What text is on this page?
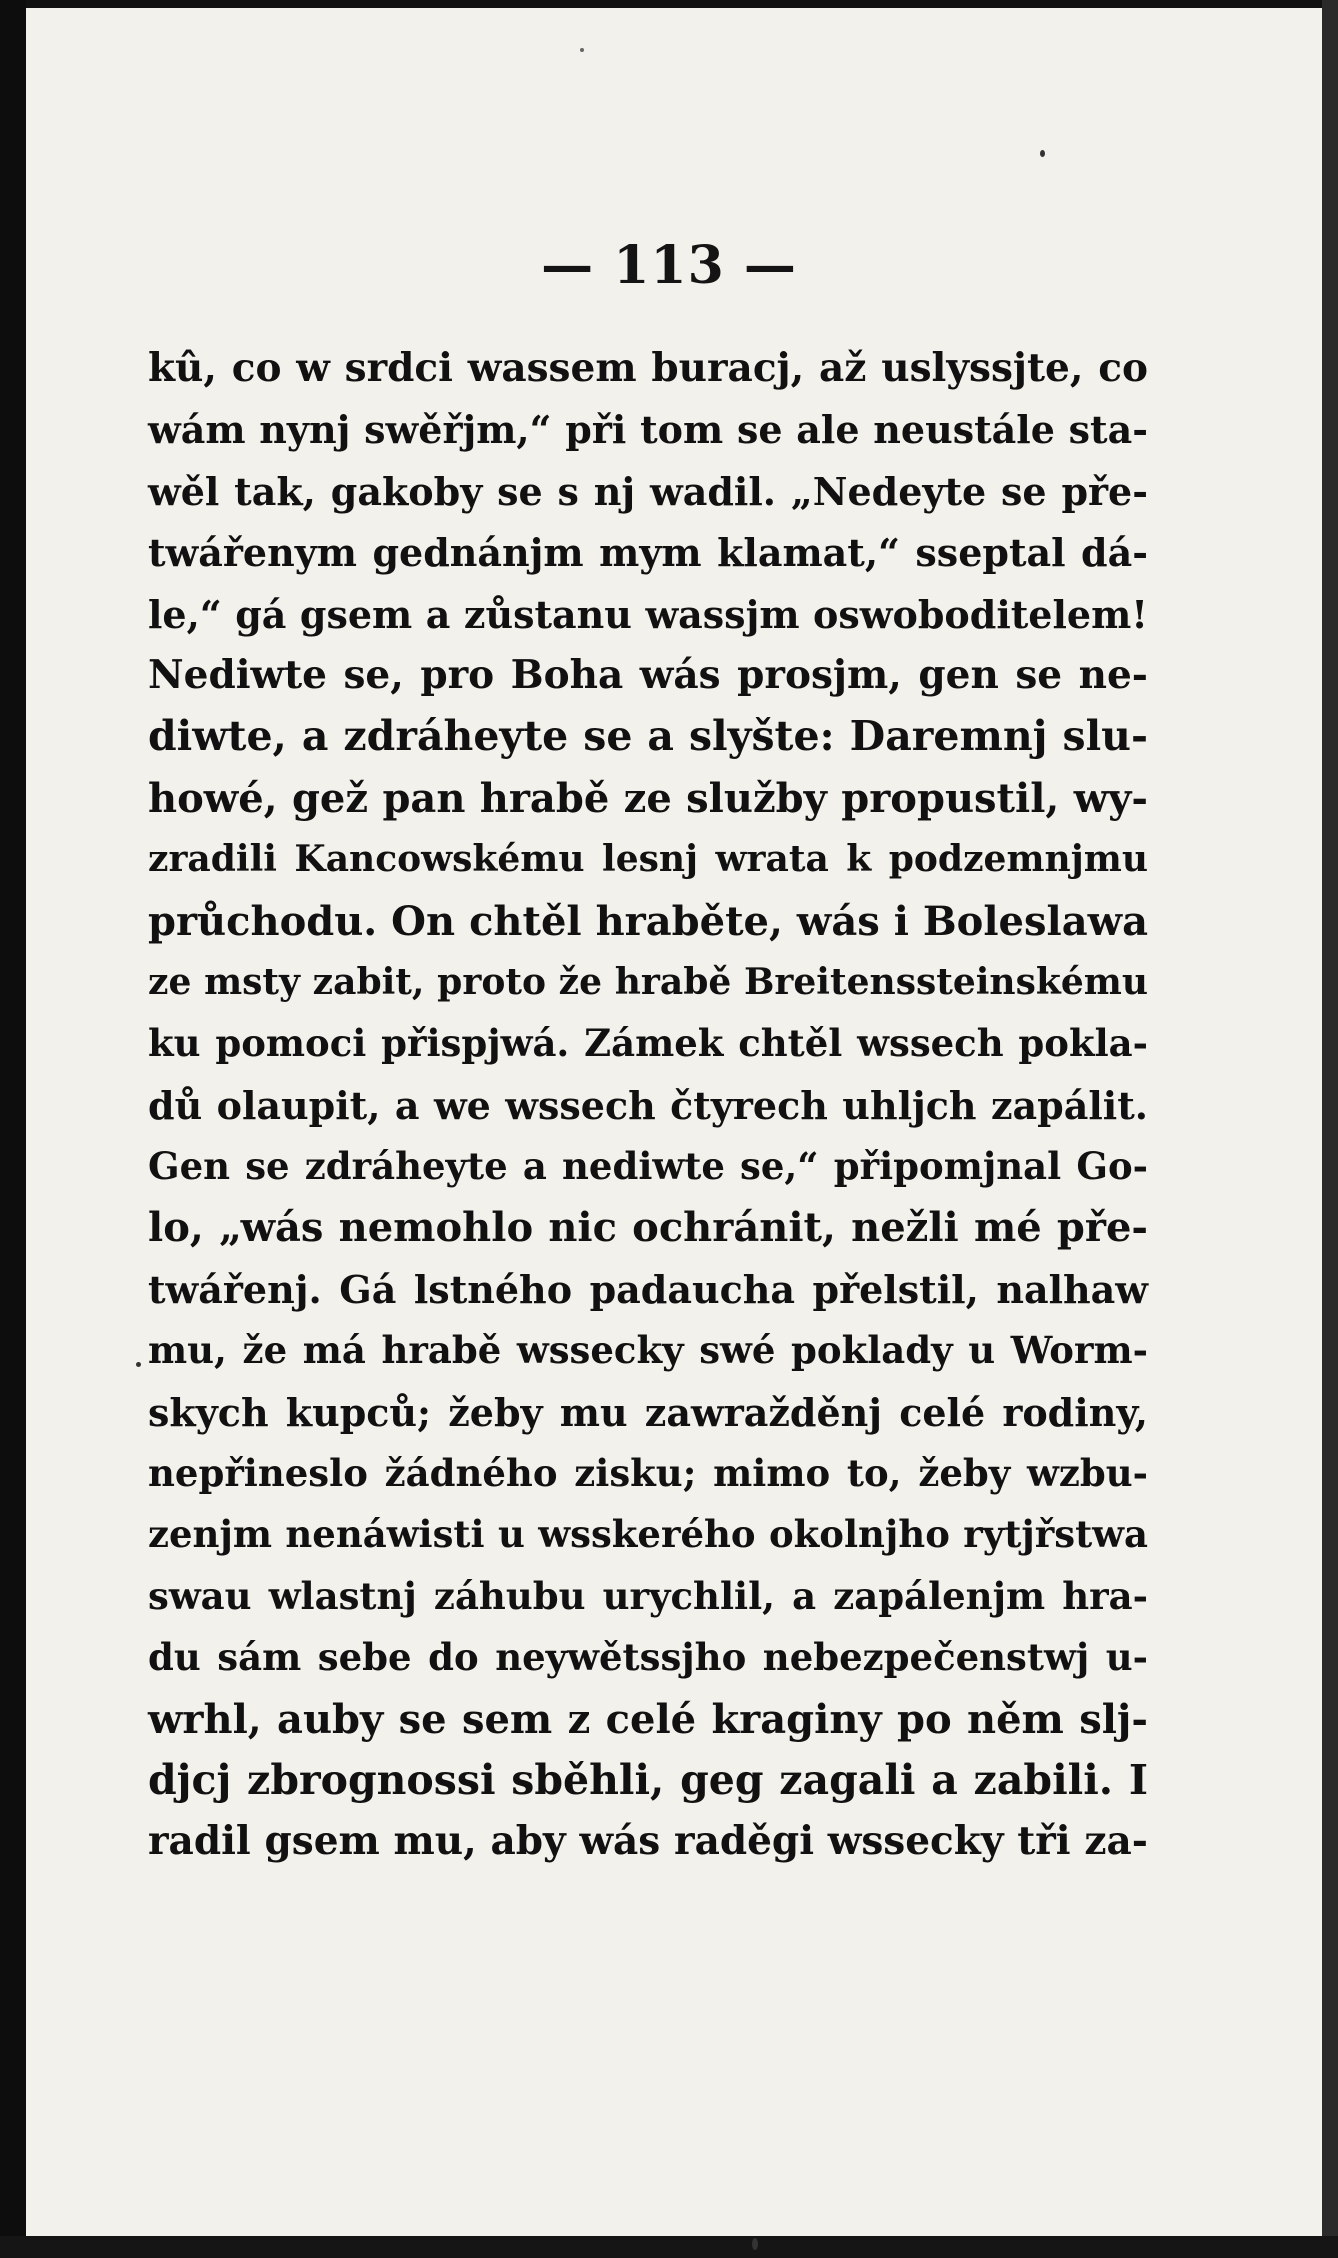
— 113 —
kû, co w srdci wassem buracj, až uslyssjte, co
wám nynj swěřjm,“ při tom se ale neustále sta-
wěl tak, gakoby se s nj wadil. „Nedeyte se pře-
twářenym gednánjm mym klamat,“ sseptal dá-
le,“ gá gsem a zůstanu wassjm oswoboditelem!
Nediwte se, pro Boha wás prosjm, gen se ne-
diwte, a zdráheyte se a slyšte: Daremnj slu-
howé, gež pan hrabě ze služby propustil, wy-
zradili Kancowskému lesnj wrata k podzemnjmu
průchodu. On chtěl hraběte, wás i Boleslawa
ze msty zabit, proto že hrabě Breitenssteinskému
ku pomoci přispjwá. Zámek chtěl wssech pokla-
dů olaupit, a we wssech čtyrech uhljch zapálit.
Gen se zdráheyte a nediwte se,“ připomjnal Go-
lo, „wás nemohlo nic ochránit, nežli mé pře-
twářenj. Gá lstného padaucha přelstil, nalhaw
mu, že má hrabě wssecky swé poklady u Worm-
skych kupců; žeby mu zawražděnj celé rodiny,
nepřineslo žádného zisku; mimo to, žeby wzbu-
zenjm nenáwisti u wsskerého okolnjho rytjřstwa
swau wlastnj záhubu urychlil, a zapálenjm hra-
du sám sebe do neywětssjho nebezpečenstwj u-
wrhl, auby se sem z celé kraginy po něm slj-
djcj zbrognossi sběhli, geg zagali a zabili. I
radil gsem mu, aby wás raděgi wssecky tři za-
